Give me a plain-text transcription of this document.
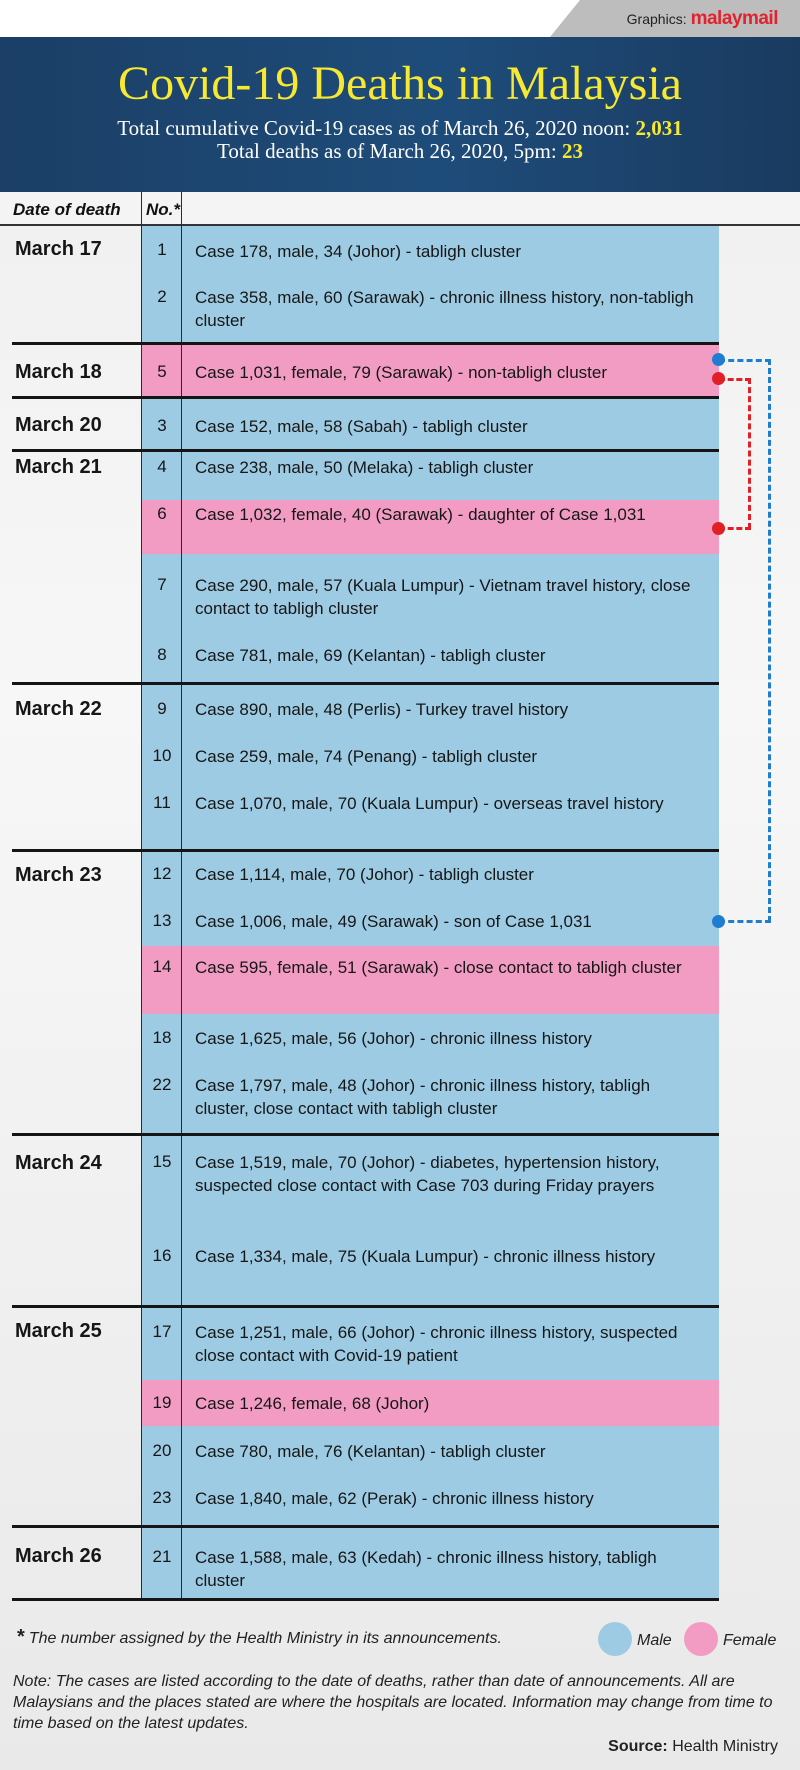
Graphics: malaymail
Covid-19 Deaths in Malaysia
Total cumulative Covid-19 cases as of March 26, 2020 noon: 2,031
Total deaths as of March 26, 2020, 5pm: 23
Date of death No.*
March 17
March 18
March 20
March 21
March 22
March 23
March 24
March 25
March 26
1
2
5
3
4
6
7
8
9
10
11
12
13
14
18
22
15
16
17
19
20
23
21
Case 178, male, 34 (Johor) - tabligh cluster
Case 358, male, 60 (Sarawak) - chronic illness history, non-tabligh cluster
Case 1,031, female, 79 (Sarawak) - non-tabligh cluster
Case 152, male, 58 (Sabah) - tabligh cluster
Case 238, male, 50 (Melaka) - tabligh cluster
Case 1,032, female, 40 (Sarawak) - daughter of Case 1,031
Case 290, male, 57 (Kuala Lumpur) - Vietnam travel history, close contact to tabligh cluster
Case 781, male, 69 (Kelantan) - tabligh cluster
Case 890, male, 48 (Perlis) - Turkey travel history
Case 259, male, 74 (Penang) - tabligh cluster
Case 1,070, male, 70 (Kuala Lumpur) - overseas travel history
Case 1,114, male, 70 (Johor) - tabligh cluster
Case 1,006, male, 49 (Sarawak) - son of Case 1,031
Case 595, female, 51 (Sarawak) - close contact to tabligh cluster
Case 1,625, male, 56 (Johor) - chronic illness history
Case 1,797, male, 48 (Johor) - chronic illness history, tabligh cluster, close contact with tabligh cluster
Case 1,519, male, 70 (Johor) - diabetes, hypertension history, suspected close contact with Case 703 during Friday prayers
Case 1,334, male, 75 (Kuala Lumpur) - chronic illness history
Case 1,251, male, 66 (Johor) - chronic illness history, suspected close contact with Covid-19 patient
Case 1,246, female, 68 (Johor)
Case 780, male, 76 (Kelantan) - tabligh cluster
Case 1,840, male, 62 (Perak) - chronic illness history
Case 1,588, male, 63 (Kedah) - chronic illness history, tabligh cluster
* The number assigned by the Health Ministry in its announcements.	Male	Female
Note: The cases are listed according to the date of deaths, rather than date of announcements. All are Malaysians and the places stated are where the hospitals are located. Information may change from time to time based on the latest updates.
Source: Health Ministry
